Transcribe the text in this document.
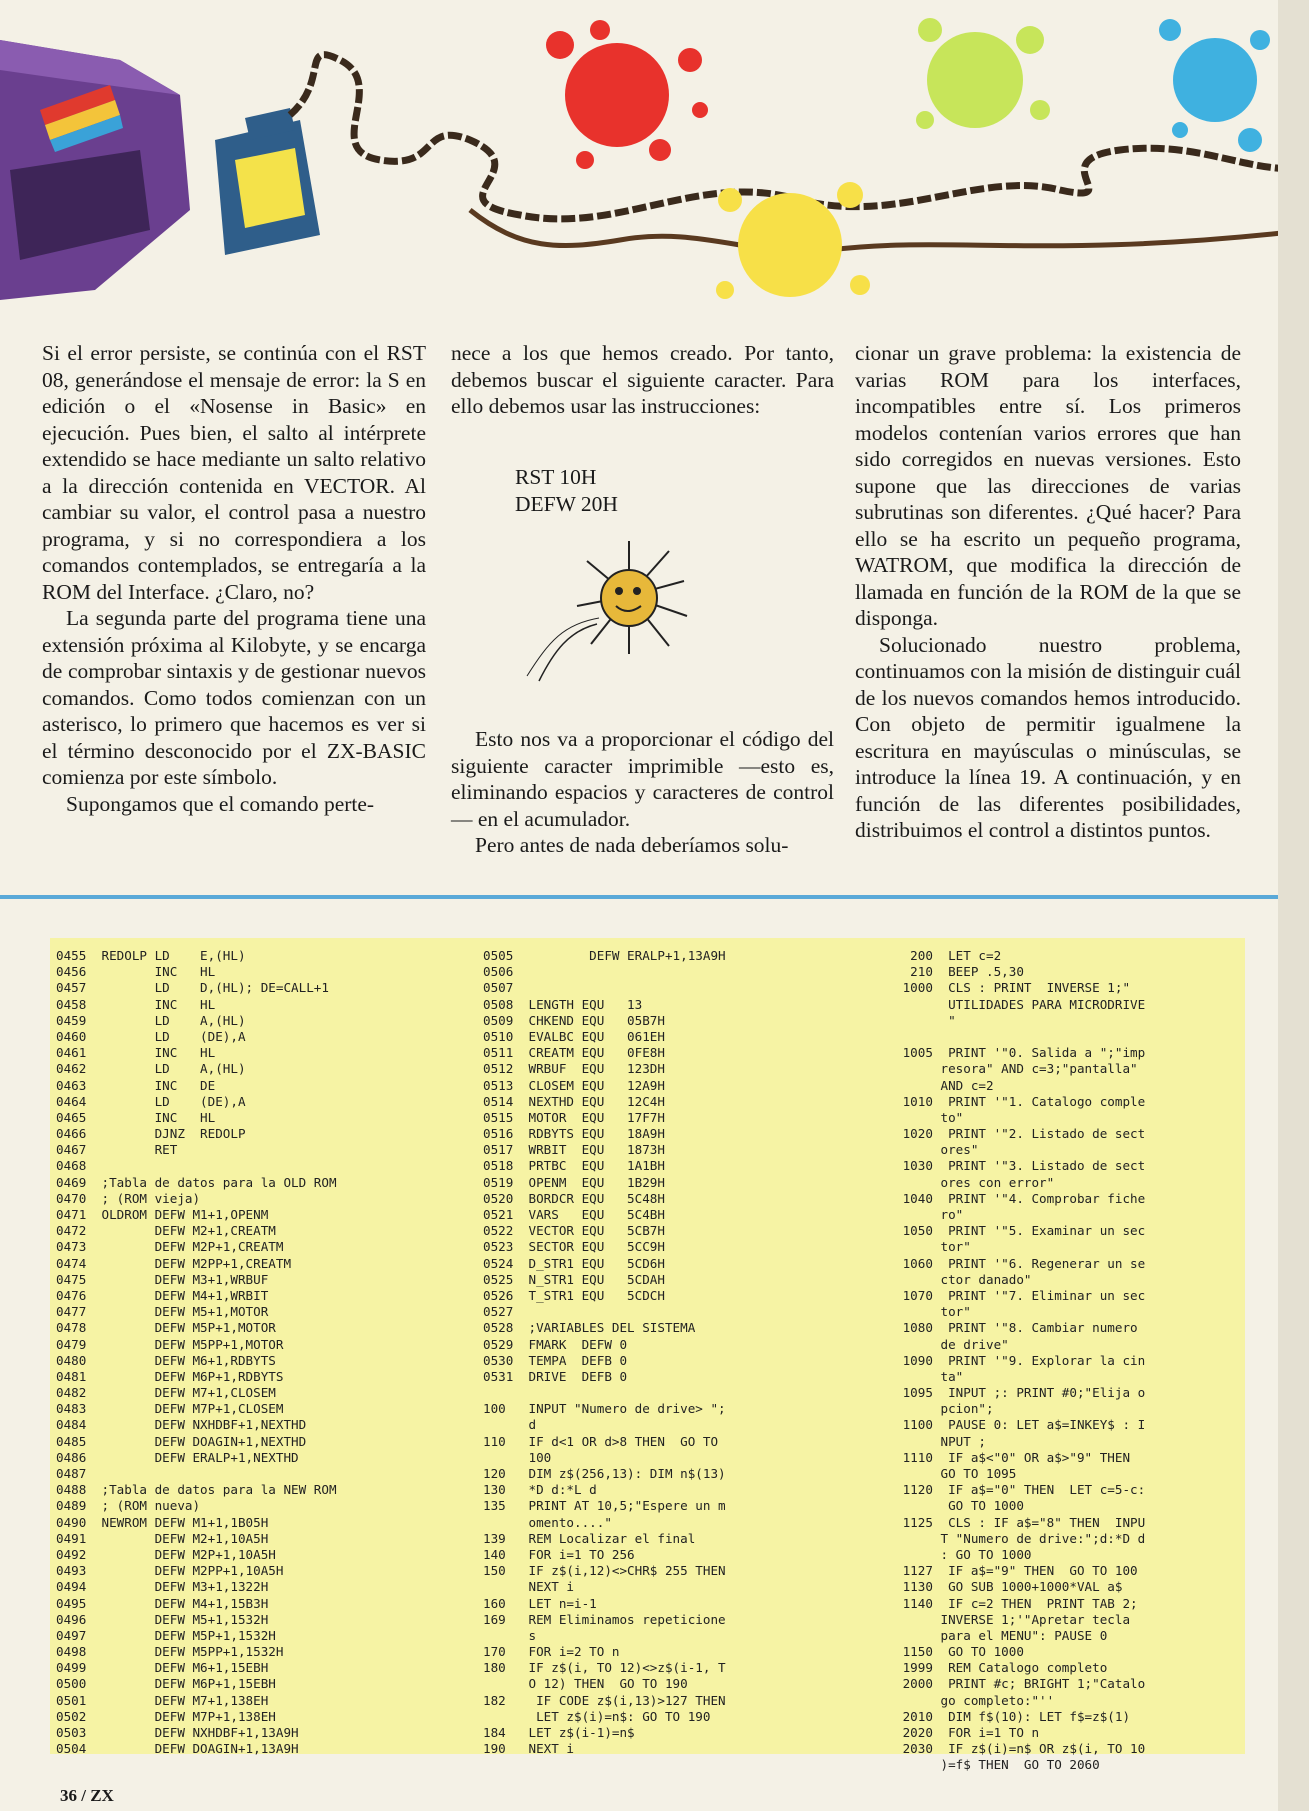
Si el error persiste, se continúa con el RST 08, generándose el mensaje de error: la S en edición o el «Nosense in Basic» en ejecución. Pues bien, el salto al intérprete extendido se hace mediante un salto relativo a la dirección contenida en VECTOR. Al cambiar su valor, el control pasa a nuestro programa, y si no correspondiera a los comandos contemplados, se entregaría a la ROM del Interface. ¿Claro, no?

La segunda parte del programa tiene una extensión próxima al Kilobyte, y se encarga de comprobar sintaxis y de gestionar nuevos comandos. Como todos comienzan con un asterisco, lo primero que hacemos es ver si el término desconocido por el ZX-BASIC comienza por este símbolo.

Supongamos que el comando perte-

nece a los que hemos creado. Por tanto, debemos buscar el siguiente caracter. Para ello debemos usar las instrucciones:

RST 10H
DEFW 20H

Esto nos va a proporcionar el código del siguiente caracter imprimible —esto es, eliminando espacios y caracteres de control— en el acumulador.

Pero antes de nada deberíamos solu-

cionar un grave problema: la existencia de varias ROM para los interfaces, incompatibles entre sí. Los primeros modelos contenían varios errores que han sido corregidos en nuevas versiones. Esto supone que las direcciones de varias subrutinas son diferentes. ¿Qué hacer? Para ello se ha escrito un pequeño programa, WATROM, que modifica la dirección de llamada en función de la ROM de la que se disponga.

Solucionado nuestro problema, continuamos con la misión de distinguir cuál de los nuevos comandos hemos introducido. Con objeto de permitir igualmene la escritura en mayúsculas o minúsculas, se introduce la línea 19. A continuación, y en función de las diferentes posibilidades, distribuimos el control a distintos puntos.

0455  REDOLP LD    E,(HL)
0456         INC   HL
0457         LD    D,(HL); DE=CALL+1
0458         INC   HL
0459         LD    A,(HL)
0460         LD    (DE),A
0461         INC   HL
0462         LD    A,(HL)
0463         INC   DE
0464         LD    (DE),A
0465         INC   HL
0466         DJNZ  REDOLP
0467         RET
0468
0469  ;Tabla de datos para la OLD ROM
0470  ; (ROM vieja)
0471  OLDROM DEFW M1+1,OPENM
0472         DEFW M2+1,CREATM
0473         DEFW M2P+1,CREATM
0474         DEFW M2PP+1,CREATM
0475         DEFW M3+1,WRBUF
0476         DEFW M4+1,WRBIT
0477         DEFW M5+1,MOTOR
0478         DEFW M5P+1,MOTOR
0479         DEFW M5PP+1,MOTOR
0480         DEFW M6+1,RDBYTS
0481         DEFW M6P+1,RDBYTS
0482         DEFW M7+1,CLOSEM
0483         DEFW M7P+1,CLOSEM
0484         DEFW NXHDBF+1,NEXTHD
0485         DEFW DOAGIN+1,NEXTHD
0486         DEFW ERALP+1,NEXTHD
0487
0488  ;Tabla de datos para la NEW ROM
0489  ; (ROM nueva)
0490  NEWROM DEFW M1+1,1B05H
0491         DEFW M2+1,10A5H
0492         DEFW M2P+1,10A5H
0493         DEFW M2PP+1,10A5H
0494         DEFW M3+1,1322H
0495         DEFW M4+1,15B3H
0496         DEFW M5+1,1532H
0497         DEFW M5P+1,1532H
0498         DEFW M5PP+1,1532H
0499         DEFW M6+1,15EBH
0500         DEFW M6P+1,15EBH
0501         DEFW M7+1,138EH
0502         DEFW M7P+1,138EH
0503         DEFW NXHDBF+1,13A9H
0504         DEFW DOAGIN+1,13A9H
0505          DEFW ERALP+1,13A9H
0506
0507
0508  LENGTH EQU   13
0509  CHKEND EQU   05B7H
0510  EVALBC EQU   061EH
0511  CREATM EQU   0FE8H
0512  WRBUF  EQU   123DH
0513  CLOSEM EQU   12A9H
0514  NEXTHD EQU   12C4H
0515  MOTOR  EQU   17F7H
0516  RDBYTS EQU   18A9H
0517  WRBIT  EQU   1873H
0518  PRTBC  EQU   1A1BH
0519  OPENM  EQU   1B29H
0520  BORDCR EQU   5C48H
0521  VARS   EQU   5C4BH
0522  VECTOR EQU   5CB7H
0523  SECTOR EQU   5CC9H
0524  D_STR1 EQU   5CD6H
0525  N_STR1 EQU   5CDAH
0526  T_STR1 EQU   5CDCH
0527
0528  ;VARIABLES DEL SISTEMA
0529  FMARK  DEFW 0
0530  TEMPA  DEFB 0
0531  DRIVE  DEFB 0
100   INPUT "Numero de drive> ";
d
110   IF d<1 OR d>8 THEN  GO TO
100
120   DIM z$(256,13): DIM n$(13)
130   *D d:*L d
135   PRINT AT 10,5;"Espere un m
omento...."
139   REM Localizar el final
140   FOR i=1 TO 256
150   IF z$(i,12)<>CHR$ 255 THEN
NEXT i
160   LET n=i-1
169   REM Eliminamos repeticione
s
170   FOR i=2 TO n
180   IF z$(i, TO 12)<>z$(i-1, T
O 12) THEN  GO TO 190
182    IF CODE z$(i,13)>127 THEN
LET z$(i)=n$: GO TO 190
184   LET z$(i-1)=n$
190   NEXT i
200  LET c=2
210  BEEP .5,30
1000  CLS : PRINT  INVERSE 1;"
UTILIDADES PARA MICRODRIVE
"
1005  PRINT '"0. Salida a ";"imp
resora" AND c=3;"pantalla"
AND c=2
1010  PRINT '"1. Catalogo comple
to"
1020  PRINT '"2. Listado de sect
ores"
1030  PRINT '"3. Listado de sect
ores con error"
1040  PRINT '"4. Comprobar fiche
ro"
1050  PRINT '"5. Examinar un sec
tor"
1060  PRINT '"6. Regenerar un se
ctor danado"
1070  PRINT '"7. Eliminar un sec
tor"
1080  PRINT '"8. Cambiar numero
de drive"
1090  PRINT '"9. Explorar la cin
ta"
1095  INPUT ;: PRINT #0;"Elija o
pcion";
1100  PAUSE 0: LET a$=INKEY$ : I
NPUT ;
1110  IF a$<"0" OR a$>"9" THEN
GO TO 1095
1120  IF a$="0" THEN  LET c=5-c:
GO TO 1000
1125  CLS : IF a$="8" THEN  INPU
T "Numero de drive:";d:*D d
: GO TO 1000
1127  IF a$="9" THEN  GO TO 100
1130  GO SUB 1000+1000*VAL a$
1140  IF c=2 THEN  PRINT TAB 2;
INVERSE 1;'"Apretar tecla
para el MENU": PAUSE 0
1150  GO TO 1000
1999  REM Catalogo completo
2000  PRINT #c; BRIGHT 1;"Catalo
go completo:"''
2010  DIM f$(10): LET f$=z$(1)
2020  FOR i=1 TO n
2030  IF z$(i)=n$ OR z$(i, TO 10
)=f$ THEN  GO TO 2060
36 / ZX
